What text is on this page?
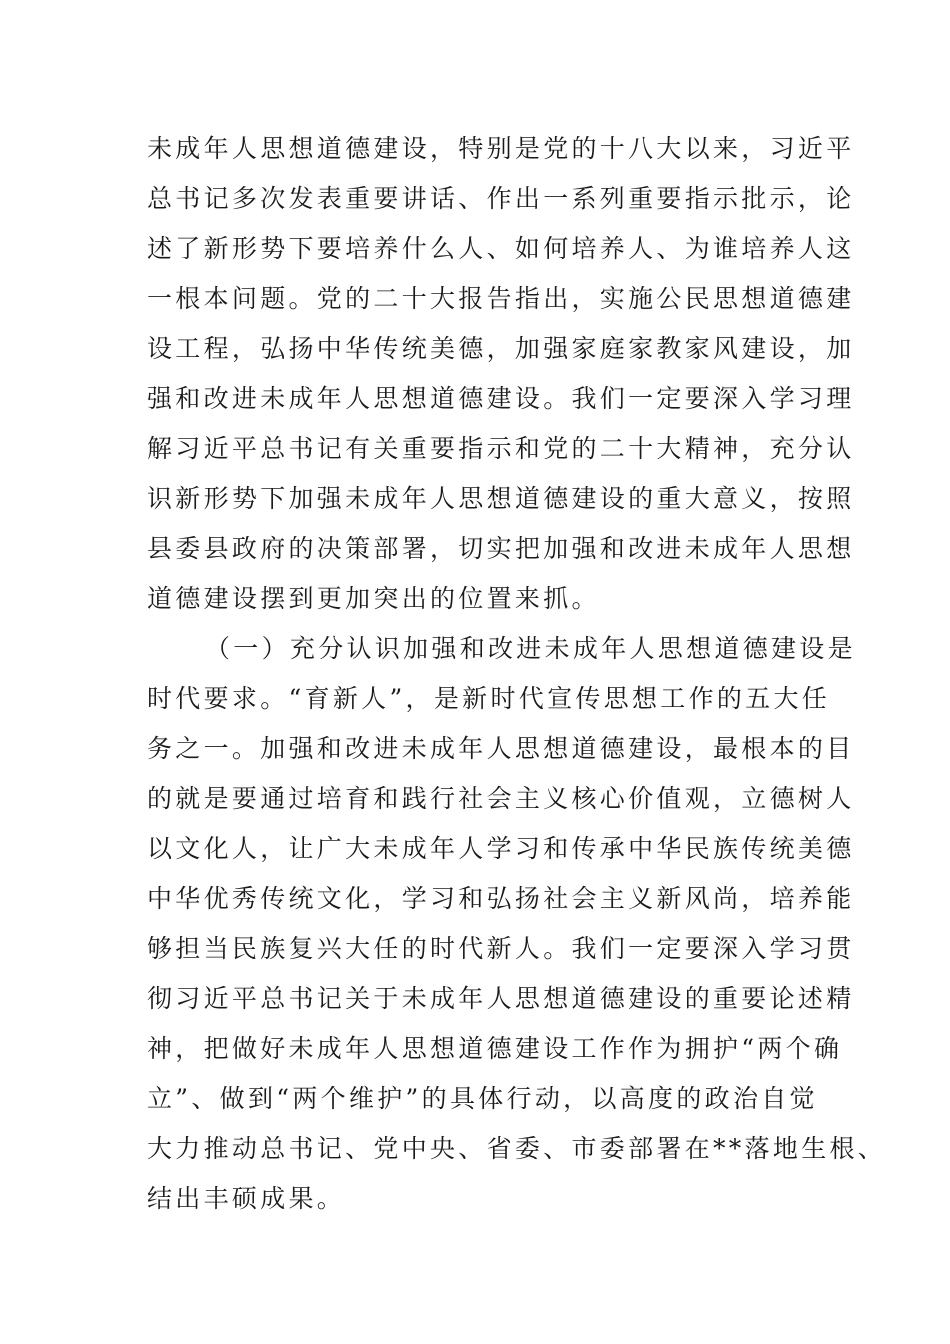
未成年人思想道德建设，特别是党的十八大以来，习近平
总书记多次发表重要讲话、作出一系列重要指示批示，论
述了新形势下要培养什么人、如何培养人、为谁培养人这
一根本问题。党的二十大报告指出，实施公民思想道德建
设工程，弘扬中华传统美德，加强家庭家教家风建设，加
强和改进未成年人思想道德建设。我们一定要深入学习理
解习近平总书记有关重要指示和党的二十大精神，充分认
识新形势下加强未成年人思想道德建设的重大意义，按照
县委县政府的决策部署，切实把加强和改进未成年人思想
道德建设摆到更加突出的位置来抓。
（一）充分认识加强和改进未成年人思想道德建设是
时代要求。“育新人”，是新时代宣传思想工作的五大任
务之一。加强和改进未成年人思想道德建设，最根本的目
的就是要通过培育和践行社会主义核心价值观，立德树人
以文化人，让广大未成年人学习和传承中华民族传统美德
中华优秀传统文化，学习和弘扬社会主义新风尚，培养能
够担当民族复兴大任的时代新人。我们一定要深入学习贯
彻习近平总书记关于未成年人思想道德建设的重要论述精
神，把做好未成年人思想道德建设工作作为拥护“两个确
立”、做到“两个维护”的具体行动，以高度的政治自觉
大力推动总书记、党中央、省委、市委部署在**落地生根、
结出丰硕成果。
